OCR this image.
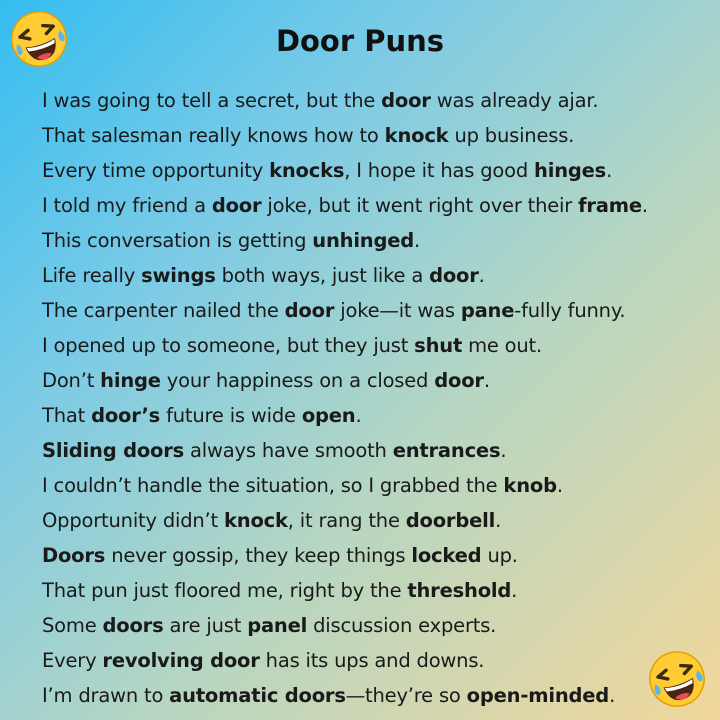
Door Puns
I was going to tell a secret, but the door was already ajar.
That salesman really knows how to knock up business.
Every time opportunity knocks, I hope it has good hinges.
I told my friend a door joke, but it went right over their frame.
This conversation is getting unhinged.
Life really swings both ways, just like a door.
The carpenter nailed the door joke—it was pane-fully funny.
I opened up to someone, but they just shut me out.
Don’t hinge your happiness on a closed door.
That door’s future is wide open.
Sliding doors always have smooth entrances.
I couldn’t handle the situation, so I grabbed the knob.
Opportunity didn’t knock, it rang the doorbell.
Doors never gossip, they keep things locked up.
That pun just floored me, right by the threshold.
Some doors are just panel discussion experts.
Every revolving door has its ups and downs.
I’m drawn to automatic doors—they’re so open-minded.
